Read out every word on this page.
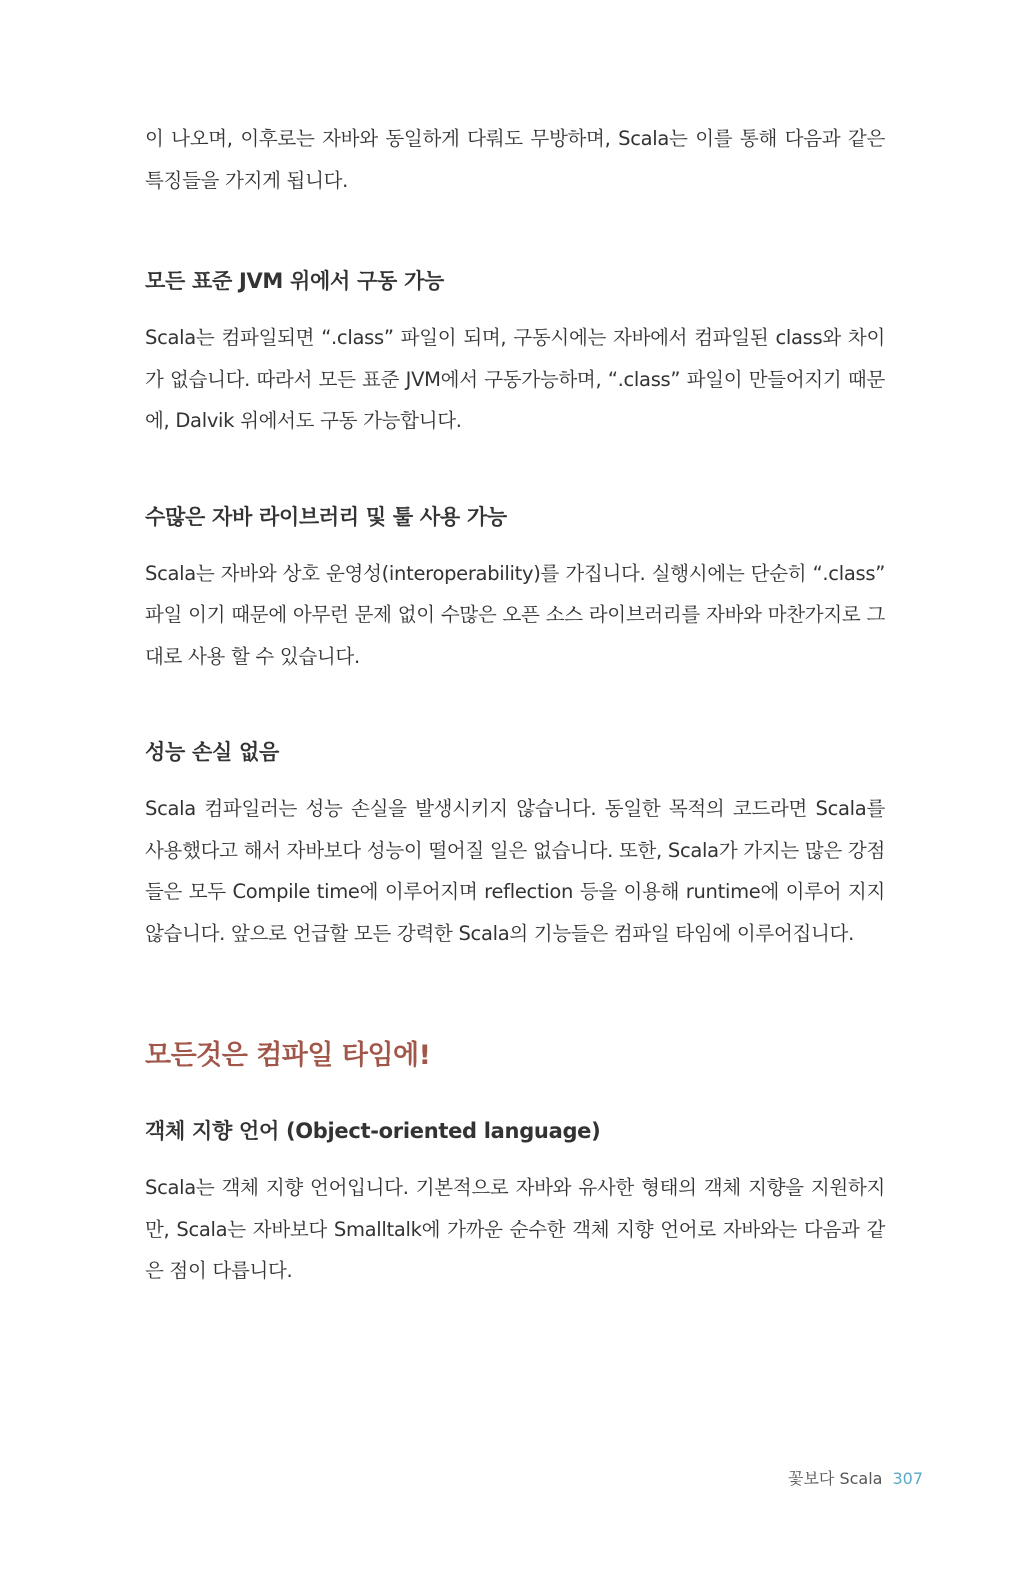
이 나오며, 이후로는 자바와 동일하게 다뤄도 무방하며, Scala는 이를 통해 다음과 같은 특징들을 가지게 됩니다.

모든 표준 JVM 위에서 구동 가능

Scala는 컴파일되면 “.class” 파일이 되며, 구동시에는 자바에서 컴파일된 class와 차이가 없습니다. 따라서 모든 표준 JVM에서 구동가능하며, “.class” 파일이 만들어지기 때문에, Dalvik 위에서도 구동 가능합니다.

수많은 자바 라이브러리 및 툴 사용 가능

Scala는 자바와 상호 운영성(interoperability)를 가집니다. 실행시에는 단순히 “.class” 파일 이기 때문에 아무런 문제 없이 수많은 오픈 소스 라이브러리를 자바와 마찬가지로 그대로 사용 할 수 있습니다.

성능 손실 없음

Scala 컴파일러는 성능 손실을 발생시키지 않습니다. 동일한 목적의 코드라면 Scala를 사용했다고 해서 자바보다 성능이 떨어질 일은 없습니다. 또한, Scala가 가지는 많은 강점들은 모두 Compile time에 이루어지며 reflection 등을 이용해 runtime에 이루어 지지 않습니다. 앞으로 언급할 모든 강력한 Scala의 기능들은 컴파일 타임에 이루어집니다.

모든것은 컴파일 타임에!
객체 지향 언어 (Object-oriented language)

Scala는 객체 지향 언어입니다. 기본적으로 자바와 유사한 형태의 객체 지향을 지원하지만, Scala는 자바보다 Smalltalk에 가까운 순수한 객체 지향 언어로 자바와는 다음과 같은 점이 다릅니다.

꽃보다 Scala 307
